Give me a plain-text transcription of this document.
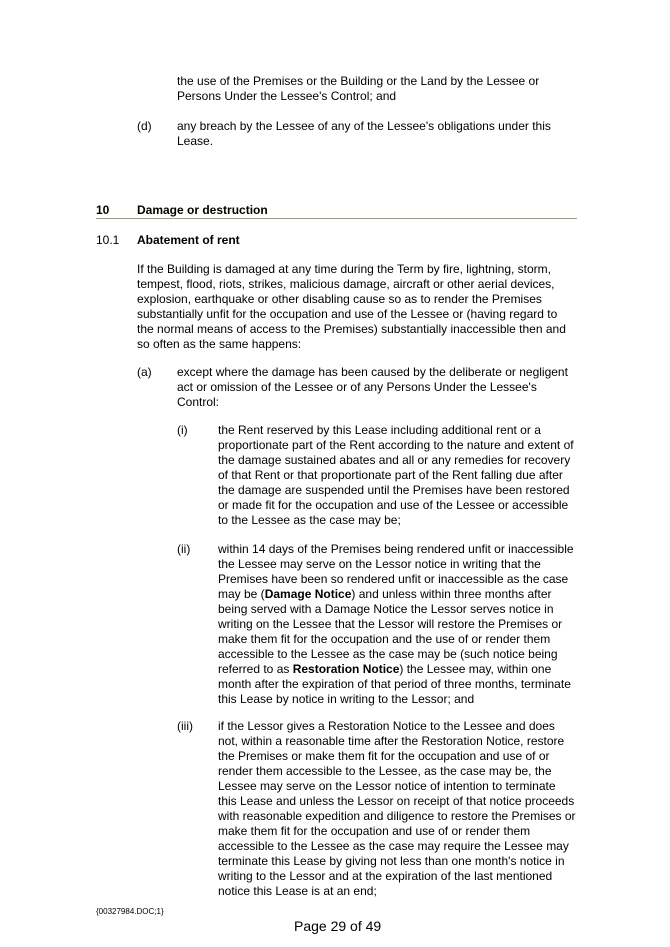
the use of the Premises or the Building or the Land by the Lessee or Persons Under the Lessee's Control; and
(d) any breach by the Lessee of any of the Lessee's obligations under this Lease.
10 Damage or destruction
10.1 Abatement of rent
If the Building is damaged at any time during the Term by fire, lightning, storm, tempest, flood, riots, strikes, malicious damage, aircraft or other aerial devices, explosion, earthquake or other disabling cause so as to render the Premises substantially unfit for the occupation and use of the Lessee or (having regard to the normal means of access to the Premises) substantially inaccessible then and so often as the same happens:
(a) except where the damage has been caused by the deliberate or negligent act or omission of the Lessee or of any Persons Under the Lessee's Control:
(i)	the Rent reserved by this Lease including additional rent or a proportionate part of the Rent according to the nature and extent of the damage sustained abates and all or any remedies for recovery of that Rent or that proportionate part of the Rent falling due after the damage are suspended until the Premises have been restored or made fit for the occupation and use of the Lessee or accessible to the Lessee as the case may be;
(ii) within 14 days of the Premises being rendered unfit or inaccessible the Lessee may serve on the Lessor notice in writing that the Premises have been so rendered unfit or inaccessible as the case may be (Damage Notice) and unless within three months after being served with a Damage Notice the Lessor serves notice in writing on the Lessee that the Lessor will restore the Premises or make them fit for the occupation and the use of or render them accessible to the Lessee as the case may be (such notice being referred to as Restoration Notice) the Lessee may, within one month after the expiration of that period of three months, terminate this Lease by notice in writing to the Lessor; and
(iii) if the Lessor gives a Restoration Notice to the Lessee and does not, within a reasonable time after the Restoration Notice, restore the Premises or make them fit for the occupation and use of or render them accessible to the Lessee, as the case may be, the Lessee may serve on the Lessor notice of intention to terminate this Lease and unless the Lessor on receipt of that notice proceeds with reasonable expedition and diligence to restore the Premises or make them fit for the occupation and use of or render them accessible to the Lessee as the case may require the Lessee may terminate this Lease by giving not less than one month's notice in writing to the Lessor and at the expiration of the last mentioned notice this Lease is at an end;
{00327984.DOC;1}
Page 29 of 49
